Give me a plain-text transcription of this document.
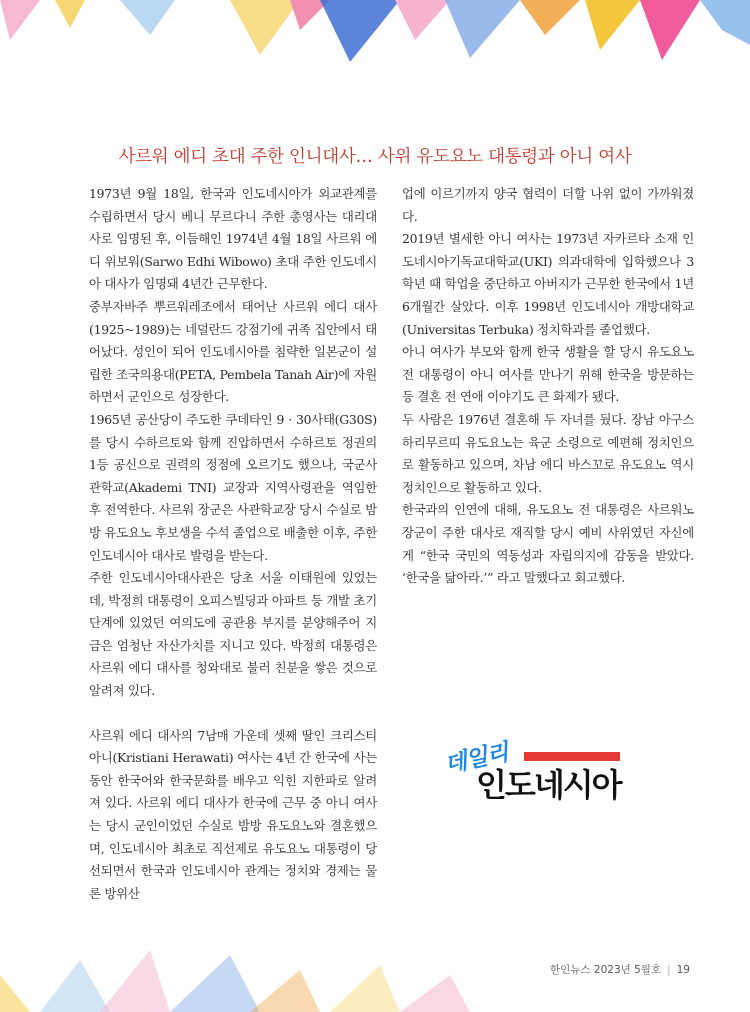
사르워 에디 초대 주한 인니대사… 사위 유도요노 대통령과 아니 여사

1973년 9월 18일, 한국과 인도네시아가 외교관계를 수립하면서 당시 베니 무르다니 주한 총영사는 대리대사로 임명된 후, 이듬해인 1974년 4월 18일 사르워 에디 위보워(Sarwo Edhi Wibowo) 초대 주한 인도네시아 대사가 임명돼 4년간 근무한다.

중부자바주 뿌르워레조에서 태어난 사르워 에디 대사(1925~1989)는 네덜란드 강점기에 귀족 집안에서 태어났다. 성인이 되어 인도네시아를 침략한 일본군이 설립한 조국의용대(PETA, Pembela Tanah Air)에 자원하면서 군인으로 성장한다.

1965년 공산당이 주도한 쿠데타인 9 · 30사태(G30S)를 당시 수하르토와 함께 진압하면서 수하르토 정권의 1등 공신으로 권력의 정점에 오르기도 했으나, 국군사관학교(Akademi TNI) 교장과 지역사령관을 역임한 후 전역한다. 사르워 장군은 사관학교장 당시 수실로 밤방 유도요노 후보생을 수석 졸업으로 배출한 이후, 주한 인도네시아 대사로 발령을 받는다.

주한 인도네시아대사관은 당초 서울 이태원에 있었는데, 박정희 대통령이 오피스빌딩과 아파트 등 개발 초기 단계에 있었던 여의도에 공관용 부지를 분양해주어 지금은 엄청난 자산가치를 지니고 있다. 박정희 대통령은 사르워 에디 대사를 청와대로 불러 친분을 쌓은 것으로 알려져 있다.

사르워 에디 대사의 7남매 가운데 셋째 딸인 크리스티아니(Kristiani Herawati) 여사는 4년 간 한국에 사는 동안 한국어와 한국문화를 배우고 익힌 지한파로 알려져 있다. 사르워 에디 대사가 한국에 근무 중 아니 여사는 당시 군인이었던 수실로 밤방 유도요노와 결혼했으며, 인도네시아 최초로 직선제로 유도요노 대통령이 당선되면서 한국과 인도네시아 관계는 정치와 경제는 물론 방위산

업에 이르기까지 양국 협력이 더할 나위 없이 가까워졌다.

2019년 별세한 아니 여사는 1973년 자카르타 소재 인도네시아기독교대학교(UKI) 의과대학에 입학했으나 3학년 때 학업을 중단하고 아버지가 근무한 한국에서 1년6개월간 살았다. 이후 1998년 인도네시아 개방대학교(Universitas Terbuka) 정치학과를 졸업했다.

아니 여사가 부모와 함께 한국 생활을 할 당시 유도요노 전 대통령이 아니 여사를 만나기 위해 한국을 방문하는 등 결혼 전 연애 이야기도 큰 화제가 됐다.

두 사람은 1976년 결혼해 두 자녀를 뒀다. 장남 아구스 하리무르띠 유도요노는 육군 소령으로 예편해 정치인으로 활동하고 있으며, 차남 에디 바스꼬로 유도요노 역시 정치인으로 활동하고 있다.

한국과의 인연에 대해, 유도요노 전 대통령은 사르워노 장군이 주한 대사로 재직할 당시 예비 사위였던 자신에게 “한국 국민의 역동성과 자립의지에 감동을 받았다. ‘한국을 닮아라.’” 라고 말했다고 회고했다.

데일리
인도네시아
한인뉴스 2023년 5월호 | 19
